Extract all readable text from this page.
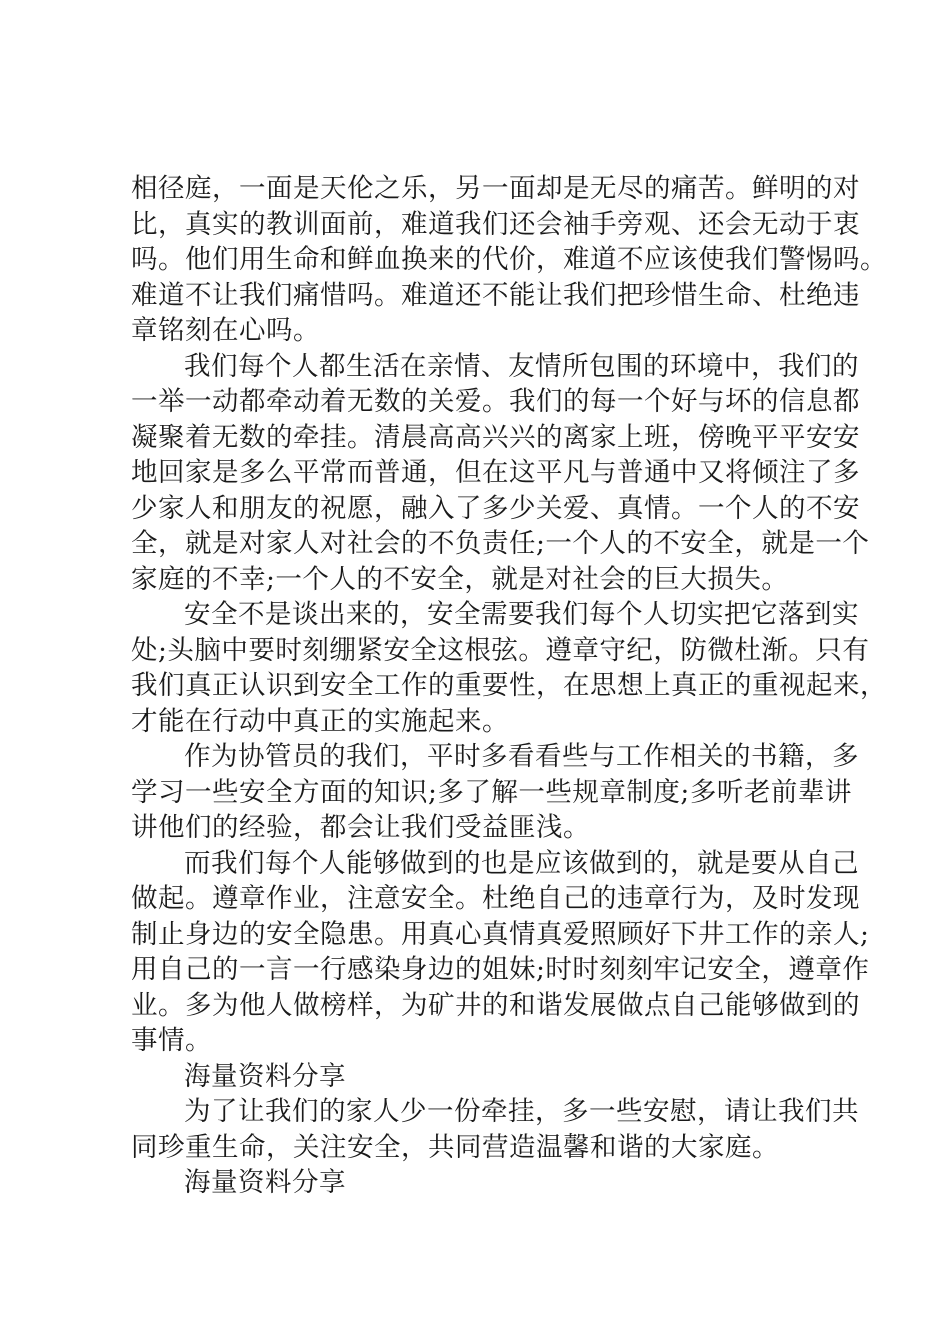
相径庭，一面是天伦之乐，另一面却是无尽的痛苦。鲜明的对
比，真实的教训面前，难道我们还会袖手旁观、还会无动于衷
吗。他们用生命和鲜血换来的代价，难道不应该使我们警惕吗。
难道不让我们痛惜吗。难道还不能让我们把珍惜生命、杜绝违
章铭刻在心吗。
我们每个人都生活在亲情、友情所包围的环境中，我们的
一举一动都牵动着无数的关爱。我们的每一个好与坏的信息都
凝聚着无数的牵挂。清晨高高兴兴的离家上班，傍晚平平安安
地回家是多么平常而普通，但在这平凡与普通中又将倾注了多
少家人和朋友的祝愿，融入了多少关爱、真情。一个人的不安
全，就是对家人对社会的不负责任;一个人的不安全，就是一个
家庭的不幸;一个人的不安全，就是对社会的巨大损失。
安全不是谈出来的，安全需要我们每个人切实把它落到实
处;头脑中要时刻绷紧安全这根弦。遵章守纪，防微杜渐。只有
我们真正认识到安全工作的重要性，在思想上真正的重视起来，
才能在行动中真正的实施起来。
作为协管员的我们，平时多看看些与工作相关的书籍，多
学习一些安全方面的知识;多了解一些规章制度;多听老前辈讲
讲他们的经验，都会让我们受益匪浅。
而我们每个人能够做到的也是应该做到的，就是要从自己
做起。遵章作业，注意安全。杜绝自己的违章行为，及时发现
制止身边的安全隐患。用真心真情真爱照顾好下井工作的亲人;
用自己的一言一行感染身边的姐妹;时时刻刻牢记安全，遵章作
业。多为他人做榜样，为矿井的和谐发展做点自己能够做到的
事情。
海量资料分享
为了让我们的家人少一份牵挂，多一些安慰，请让我们共
同珍重生命，关注安全，共同营造温馨和谐的大家庭。
海量资料分享
